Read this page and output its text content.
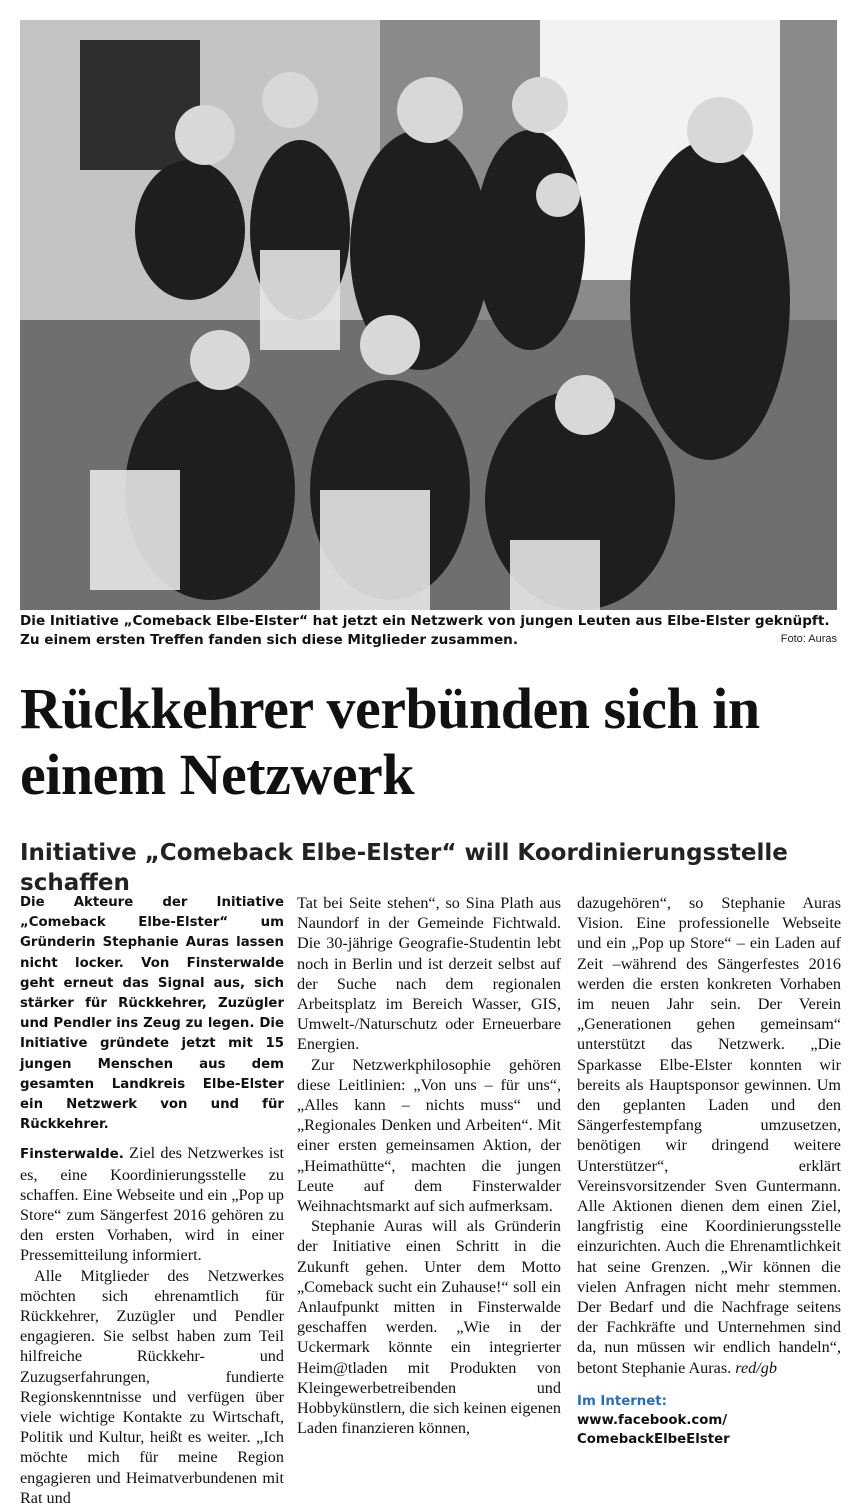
Die Initiative „Comeback Elbe-Elster“ hat jetzt ein Netzwerk von jungen Leuten aus Elbe-Elster geknüpft. Zu einem ersten Treffen fanden sich diese Mitglieder zusammen.	Foto: Auras
Rückkehrer verbünden sich in einem Netzwerk
Initiative „Comeback Elbe-Elster“ will Koordinierungsstelle schaffen

Die Akteure der Initiative „Comeback Elbe-Elster“ um Gründerin Stephanie Auras lassen nicht locker. Von Finsterwalde geht erneut das Signal aus, sich stärker für Rückkehrer, Zuzügler und Pendler ins Zeug zu legen. Die Initiative gründete jetzt mit 15 jungen Menschen aus dem gesamten Landkreis Elbe-Elster ein Netzwerk von und für Rückkehrer.

Finsterwalde. Ziel des Netzwerkes ist es, eine Koordinierungsstelle zu schaffen. Eine Webseite und ein „Pop up Store“ zum Sängerfest 2016 gehören zu den ersten Vorhaben, wird in einer Pressemitteilung informiert.

Alle Mitglieder des Netzwerkes möchten sich ehrenamtlich für Rückkehrer, Zuzügler und Pendler engagieren. Sie selbst haben zum Teil hilfreiche Rückkehr- und Zuzugserfahrungen, fundierte Regionskenntnisse und verfügen über viele wichtige Kontakte zu Wirtschaft, Politik und Kultur, heißt es weiter. „Ich möchte mich für meine Region engagieren und Heimatverbundenen mit Rat und

Tat bei Seite stehen“, so Sina Plath aus Naundorf in der Gemeinde Fichtwald. Die 30-jährige Geografie-Studentin lebt noch in Berlin und ist derzeit selbst auf der Suche nach dem regionalen Arbeitsplatz im Bereich Wasser, GIS, Umwelt-/Naturschutz oder Erneuerbare Energien.

Zur Netzwerkphilosophie gehören diese Leitlinien: „Von uns – für uns“, „Alles kann – nichts muss“ und „Regionales Denken und Arbeiten“. Mit einer ersten gemeinsamen Aktion, der „Heimathütte“, machten die jungen Leute auf dem Finsterwalder Weihnachtsmarkt auf sich aufmerksam.

Stephanie Auras will als Gründerin der Initiative einen Schritt in die Zukunft gehen. Unter dem Motto „Comeback sucht ein Zuhause!“ soll ein Anlaufpunkt mitten in Finsterwalde geschaffen werden. „Wie in der Uckermark könnte ein integrierter Heim@tladen mit Produkten von Kleingewerbetreibenden und Hobbykünstlern, die sich keinen eigenen Laden finanzieren können,

dazugehören“, so Stephanie Auras Vision. Eine professionelle Webseite und ein „Pop up Store“ – ein Laden auf Zeit –während des Sängerfestes 2016 werden die ersten konkreten Vorhaben im neuen Jahr sein. Der Verein „Generationen gehen gemeinsam“ unterstützt das Netzwerk. „Die Sparkasse Elbe-Elster konnten wir bereits als Hauptsponsor gewinnen. Um den geplanten Laden und den Sängerfestempfang umzusetzen, benötigen wir dringend weitere Unterstützer“, erklärt Vereinsvorsitzender Sven Guntermann. Alle Aktionen dienen dem einen Ziel, langfristig eine Koordinierungsstelle einzurichten. Auch die Ehrenamtlichkeit hat seine Grenzen. „Wir können die vielen Anfragen nicht mehr stemmen. Der Bedarf und die Nachfrage seitens der Fachkräfte und Unternehmen sind da, nun müssen wir endlich handeln“, betont Stephanie Auras. red/gb

Im Internet:
www.facebook.com/
ComebackElbeElster
